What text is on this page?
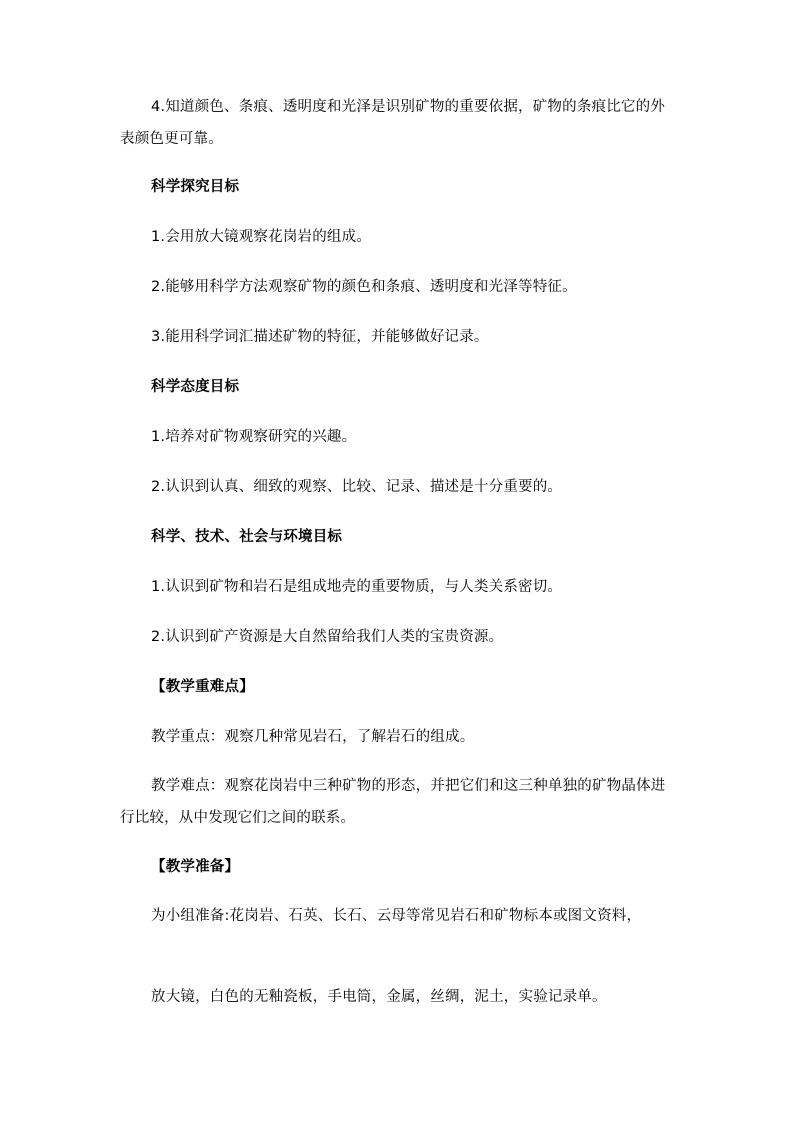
4.知道颜色、条痕、透明度和光泽是识别矿物的重要依据，矿物的条痕比它的外表颜色更可靠。
科学探究目标
1.会用放大镜观察花岗岩的组成。
2.能够用科学方法观察矿物的颜色和条痕、透明度和光泽等特征。
3.能用科学词汇描述矿物的特征，并能够做好记录。
科学态度目标
1.培养对矿物观察研究的兴趣。
2.认识到认真、细致的观察、比较、记录、描述是十分重要的。
科学、技术、社会与环境目标
1.认识到矿物和岩石是组成地壳的重要物质，与人类关系密切。
2.认识到矿产资源是大自然留给我们人类的宝贵资源。
【教学重难点】
教学重点：观察几种常见岩石，了解岩石的组成。
教学难点：观察花岗岩中三种矿物的形态，并把它们和这三种单独的矿物晶体进行比较，从中发现它们之间的联系。
【教学准备】
为小组准备:花岗岩、石英、长石、云母等常见岩石和矿物标本或图文资料，
放大镜，白色的无釉瓷板，手电筒，金属，丝绸，泥土，实验记录单。
